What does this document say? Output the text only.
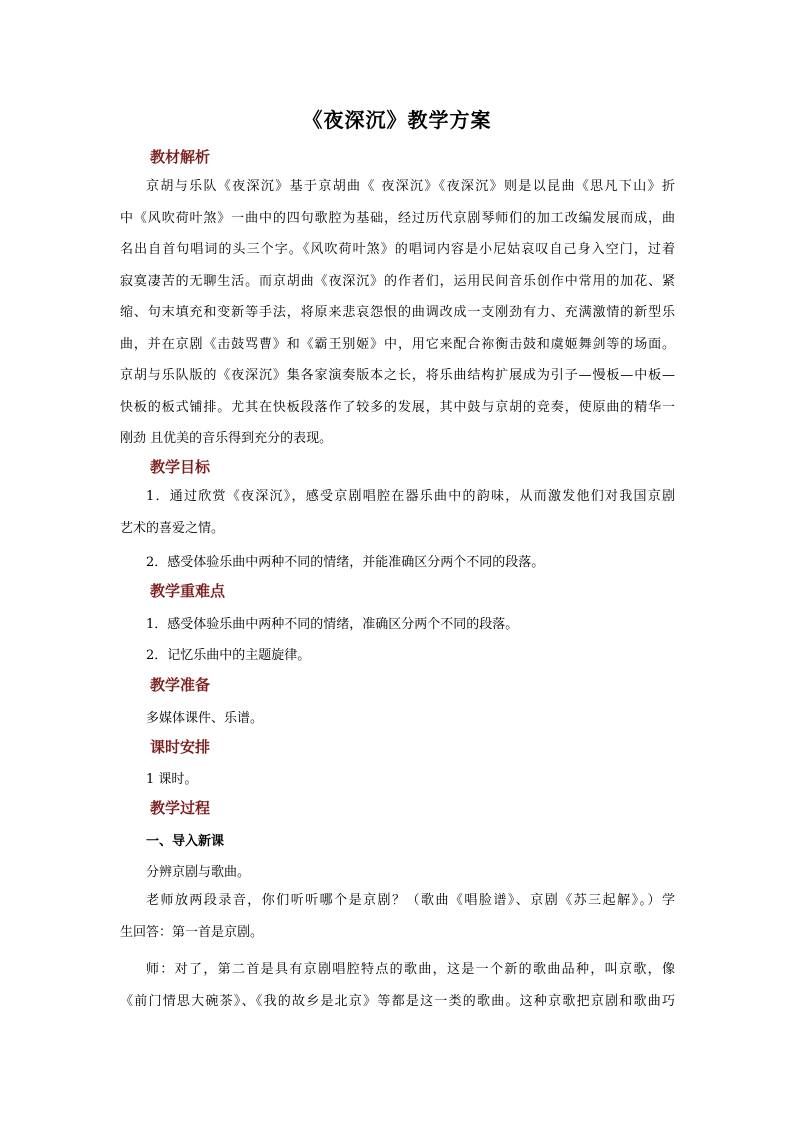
《夜深沉》教学方案
教材解析
京胡与乐队《夜深沉》基于京胡曲《 夜深沉》《夜深沉》则是以昆曲《思凡下山》折
中《风吹荷叶煞》一曲中的四句歌腔为基础，经过历代京剧琴师们的加工改编发展而成，曲
名出自首句唱词的头三个字。《风吹荷叶煞》的唱词内容是小尼姑哀叹自己身入空门，过着
寂寞凄苦的无聊生活。而京胡曲《夜深沉》的作者们，运用民间音乐创作中常用的加花、紧
缩、句末填充和变新等手法，将原来悲哀怨恨的曲调改成一支刚劲有力、充满激情的新型乐
曲，并在京剧《击鼓骂曹》和《霸王别姬》中，用它来配合祢衡击鼓和虞姬舞剑等的场面。
京胡与乐队版的《夜深沉》集各家演奏版本之长，将乐曲结构扩展成为引子—慢板—中板—
快板的板式铺排。尤其在快板段落作了较多的发展，其中鼓与京胡的竞奏，使原曲的精华一
刚劲 且优美的音乐得到充分的表现。
教学目标
1．通过欣赏《夜深沉》，感受京剧唱腔在器乐曲中的韵味，从而激发他们对我国京剧
艺术的喜爱之情。
2．感受体验乐曲中两种不同的情绪，并能准确区分两个不同的段落。
教学重难点
1．感受体验乐曲中两种不同的情绪，准确区分两个不同的段落。
2．记忆乐曲中的主题旋律。
教学准备
多媒体课件、乐谱。
课时安排
1 课时。
教学过程
一、导入新课
分辨京剧与歌曲。
老师放两段录音，你们听听哪个是京剧？（歌曲《唱脸谱》、京剧《苏三起解》。）学
生回答：第一首是京剧。
师：对了，第二首是具有京剧唱腔特点的歌曲，这是一个新的歌曲品种，叫京歌，像
《前门情思大碗茶》、《我的故乡是北京》等都是这一类的歌曲。这种京歌把京剧和歌曲巧
